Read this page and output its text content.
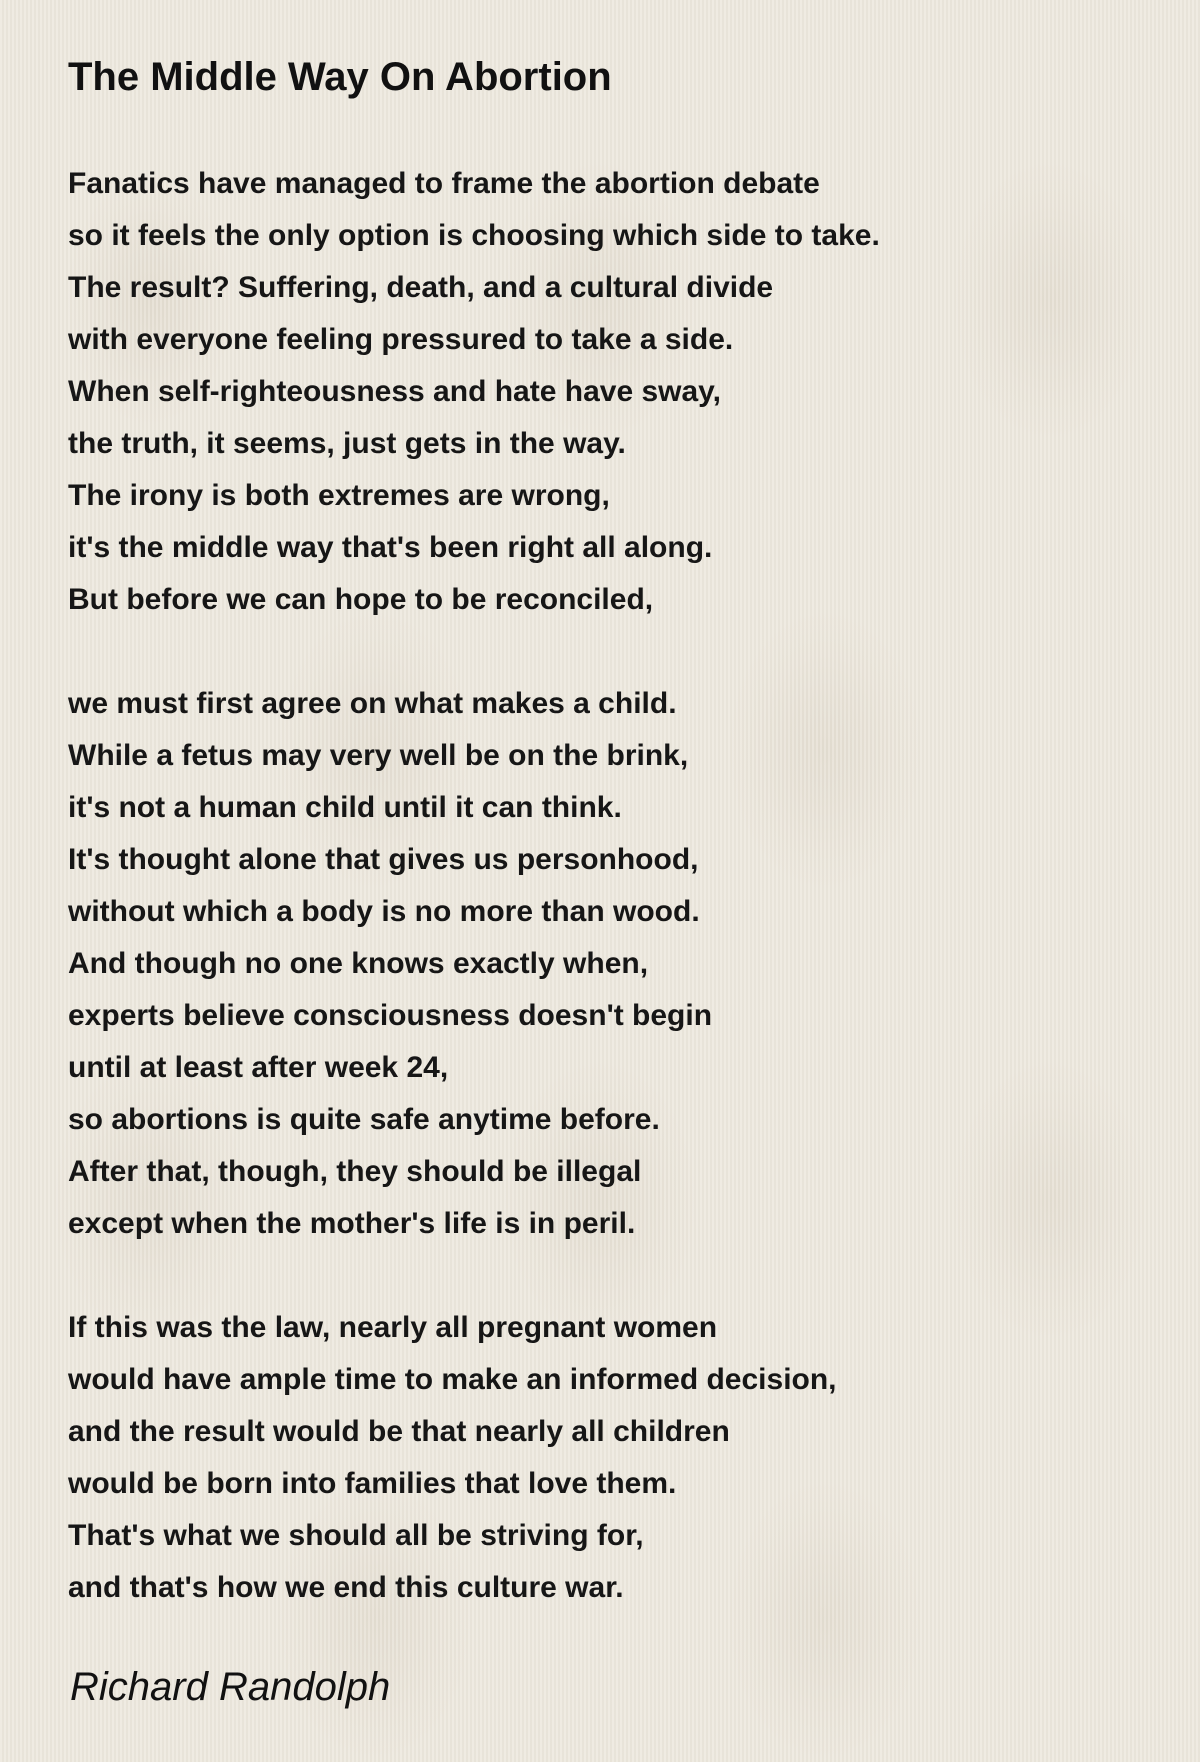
The Middle Way On Abortion

Fanatics have managed to frame the abortion debate
so it feels the only option is choosing which side to take.
The result? Suffering, death, and a cultural divide
with everyone feeling pressured to take a side.
When self-righteousness and hate have sway,
the truth, it seems, just gets in the way.
The irony is both extremes are wrong,
it's the middle way that's been right all along.
But before we can hope to be reconciled,

we must first agree on what makes a child.
While a fetus may very well be on the brink,
it's not a human child until it can think.
It's thought alone that gives us personhood,
without which a body is no more than wood.
And though no one knows exactly when,
experts believe consciousness doesn't begin
until at least after week 24,
so abortions is quite safe anytime before.
After that, though, they should be illegal
except when the mother's life is in peril.

If this was the law, nearly all pregnant women
would have ample time to make an informed decision,
and the result would be that nearly all children
would be born into families that love them.
That's what we should all be striving for,
and that's how we end this culture war.

Richard Randolph
